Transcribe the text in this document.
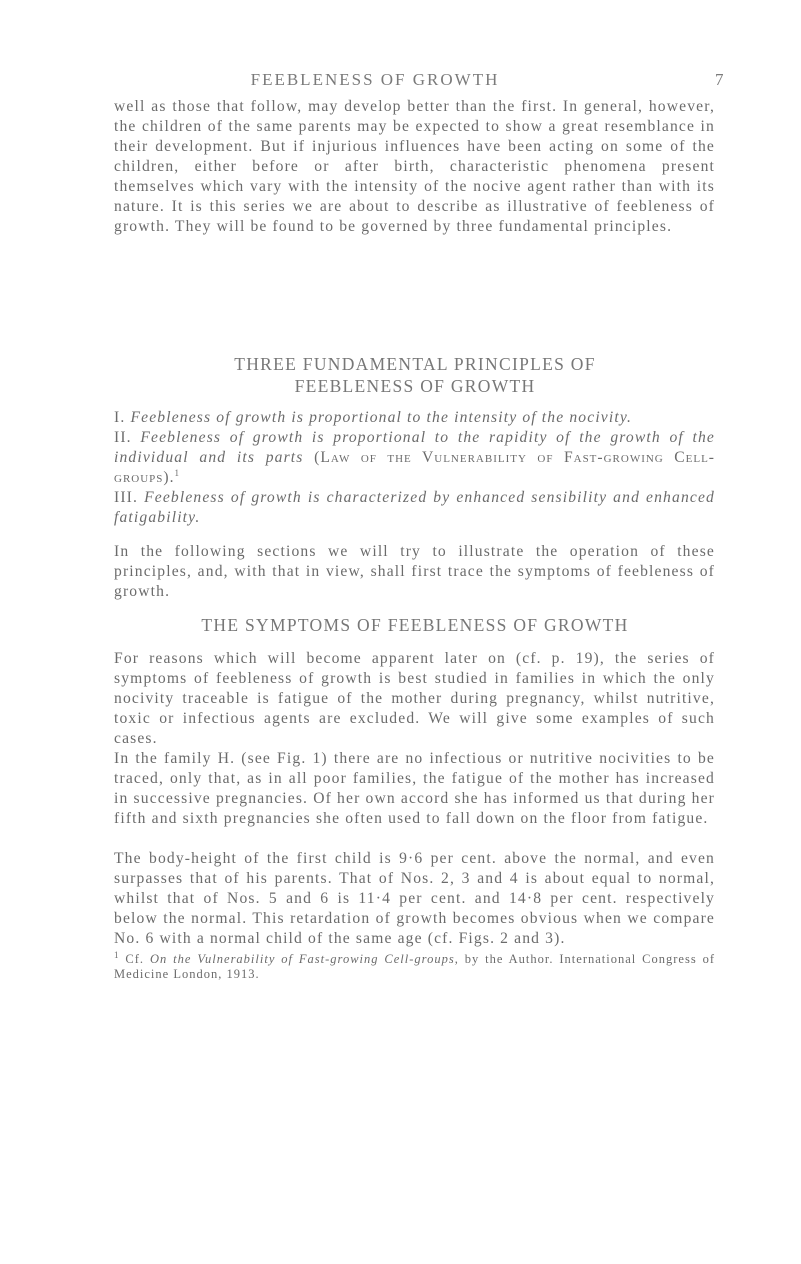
FEEBLENESS OF GROWTH	7

well as those that follow, may develop better than the first. In general, however, the children of the same parents may be expected to show a great resemblance in their development. But if injurious influences have been acting on some of the children, either before or after birth, characteristic phenomena present themselves which vary with the intensity of the nocive agent rather than with its nature. It is this series we are about to describe as illustrative of feebleness of growth. They will be found to be governed by three fundamental principles.

THREE FUNDAMENTAL PRINCIPLES OF
FEEBLENESS OF GROWTH

I. Feebleness of growth is proportional to the intensity of the nocivity.

II. Feebleness of growth is proportional to the rapidity of the growth of the individual and its parts (Law of the Vulnerability of Fast-growing Cell-groups).$^1$

III. Feebleness of growth is characterized by enhanced sensibility and enhanced fatigability.

In the following sections we will try to illustrate the operation of these principles, and, with that in view, shall first trace the symptoms of feebleness of growth.

THE SYMPTOMS OF FEEBLENESS OF GROWTH

For reasons which will become apparent later on (cf. p. 19), the series of symptoms of feebleness of growth is best studied in families in which the only nocivity traceable is fatigue of the mother during pregnancy, whilst nutritive, toxic or infectious agents are excluded. We will give some examples of such cases.

In the family H. (see Fig. 1) there are no infectious or nutritive nocivities to be traced, only that, as in all poor families, the fatigue of the mother has increased in successive pregnancies. Of her own accord she has informed us that during her fifth and sixth pregnancies she often used to fall down on the floor from fatigue.

The body-height of the first child is 9·6 per cent. above the normal, and even surpasses that of his parents. That of Nos. 2, 3 and 4 is about equal to normal, whilst that of Nos. 5 and 6 is 11·4 per cent. and 14·8 per cent. respectively below the normal. This retardation of growth becomes obvious when we compare No. 6 with a normal child of the same age (cf. Figs. 2 and 3).

$^1$ Cf. On the Vulnerability of Fast-growing Cell-groups, by the Author. International Congress of Medicine London, 1913.
